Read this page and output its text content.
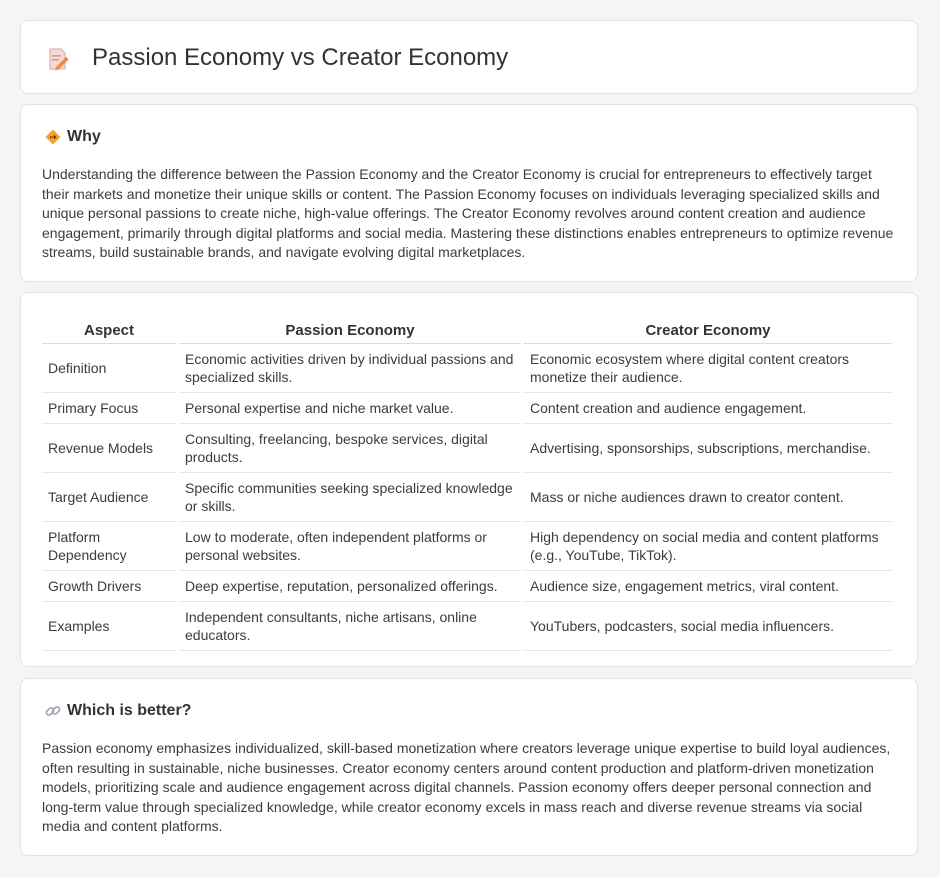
Passion Economy vs Creator Economy
Why

Understanding the difference between the Passion Economy and the Creator Economy is crucial for entrepreneurs to effectively target their markets and monetize their unique skills or content. The Passion Economy focuses on individuals leveraging specialized skills and unique personal passions to create niche, high-value offerings. The Creator Economy revolves around content creation and audience engagement, primarily through digital platforms and social media. Mastering these distinctions enables entrepreneurs to optimize revenue streams, build sustainable brands, and navigate evolving digital marketplaces.

Aspect	Passion Economy	Creator Economy
Definition	Economic activities driven by individual passions and specialized skills.	Economic ecosystem where digital content creators monetize their audience.
Primary Focus	Personal expertise and niche market value.	Content creation and audience engagement.
Revenue Models	Consulting, freelancing, bespoke services, digital products.	Advertising, sponsorships, subscriptions, merchandise.
Target Audience	Specific communities seeking specialized knowledge or skills.	Mass or niche audiences drawn to creator content.
Platform Dependency	Low to moderate, often independent platforms or personal websites.	High dependency on social media and content platforms (e.g., YouTube, TikTok).
Growth Drivers	Deep expertise, reputation, personalized offerings.	Audience size, engagement metrics, viral content.
Examples	Independent consultants, niche artisans, online educators.	YouTubers, podcasters, social media influencers.
Which is better?

Passion economy emphasizes individualized, skill-based monetization where creators leverage unique expertise to build loyal audiences, often resulting in sustainable, niche businesses. Creator economy centers around content production and platform-driven monetization models, prioritizing scale and audience engagement across digital channels. Passion economy offers deeper personal connection and long-term value through specialized knowledge, while creator economy excels in mass reach and diverse revenue streams via social media and content platforms.
